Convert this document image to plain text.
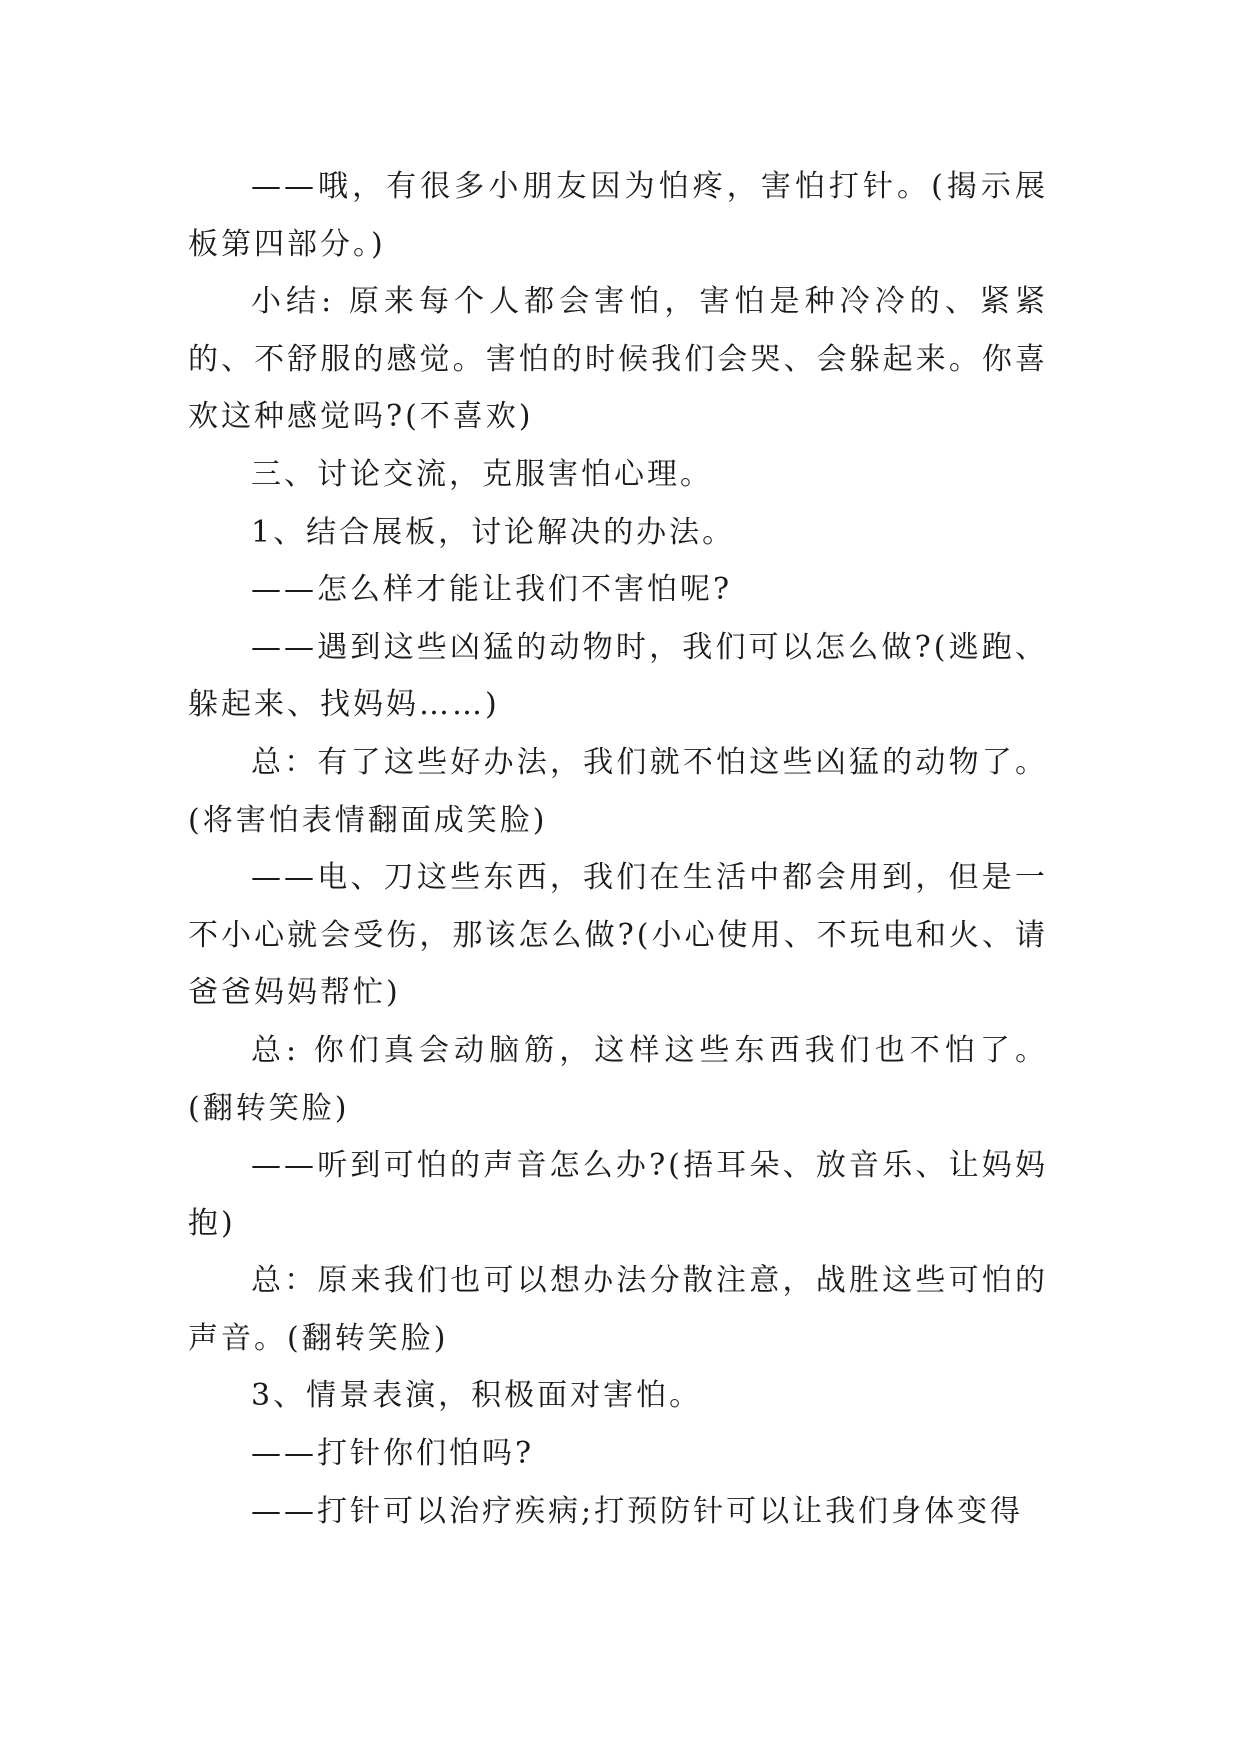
——哦，有很多小朋友因为怕疼，害怕打针。(揭示展板第四部分。)

小结: 原来每个人都会害怕，害怕是种冷冷的、紧紧的、不舒服的感觉。害怕的时候我们会哭、会躲起来。你喜欢这种感觉吗?(不喜欢)

三、讨论交流，克服害怕心理。

1、结合展板，讨论解决的办法。

——怎么样才能让我们不害怕呢?

——遇到这些凶猛的动物时，我们可以怎么做?(逃跑、躲起来、找妈妈……)

总：有了这些好办法，我们就不怕这些凶猛的动物了。(将害怕表情翻面成笑脸)

——电、刀这些东西，我们在生活中都会用到，但是一不小心就会受伤，那该怎么做?(小心使用、不玩电和火、请爸爸妈妈帮忙)

总: 你们真会动脑筋，这样这些东西我们也不怕了。(翻转笑脸)

——听到可怕的声音怎么办?(捂耳朵、放音乐、让妈妈抱)

总：原来我们也可以想办法分散注意，战胜这些可怕的声音。(翻转笑脸)

3、情景表演，积极面对害怕。

——打针你们怕吗?

——打针可以治疗疾病;打预防针可以让我们身体变得
